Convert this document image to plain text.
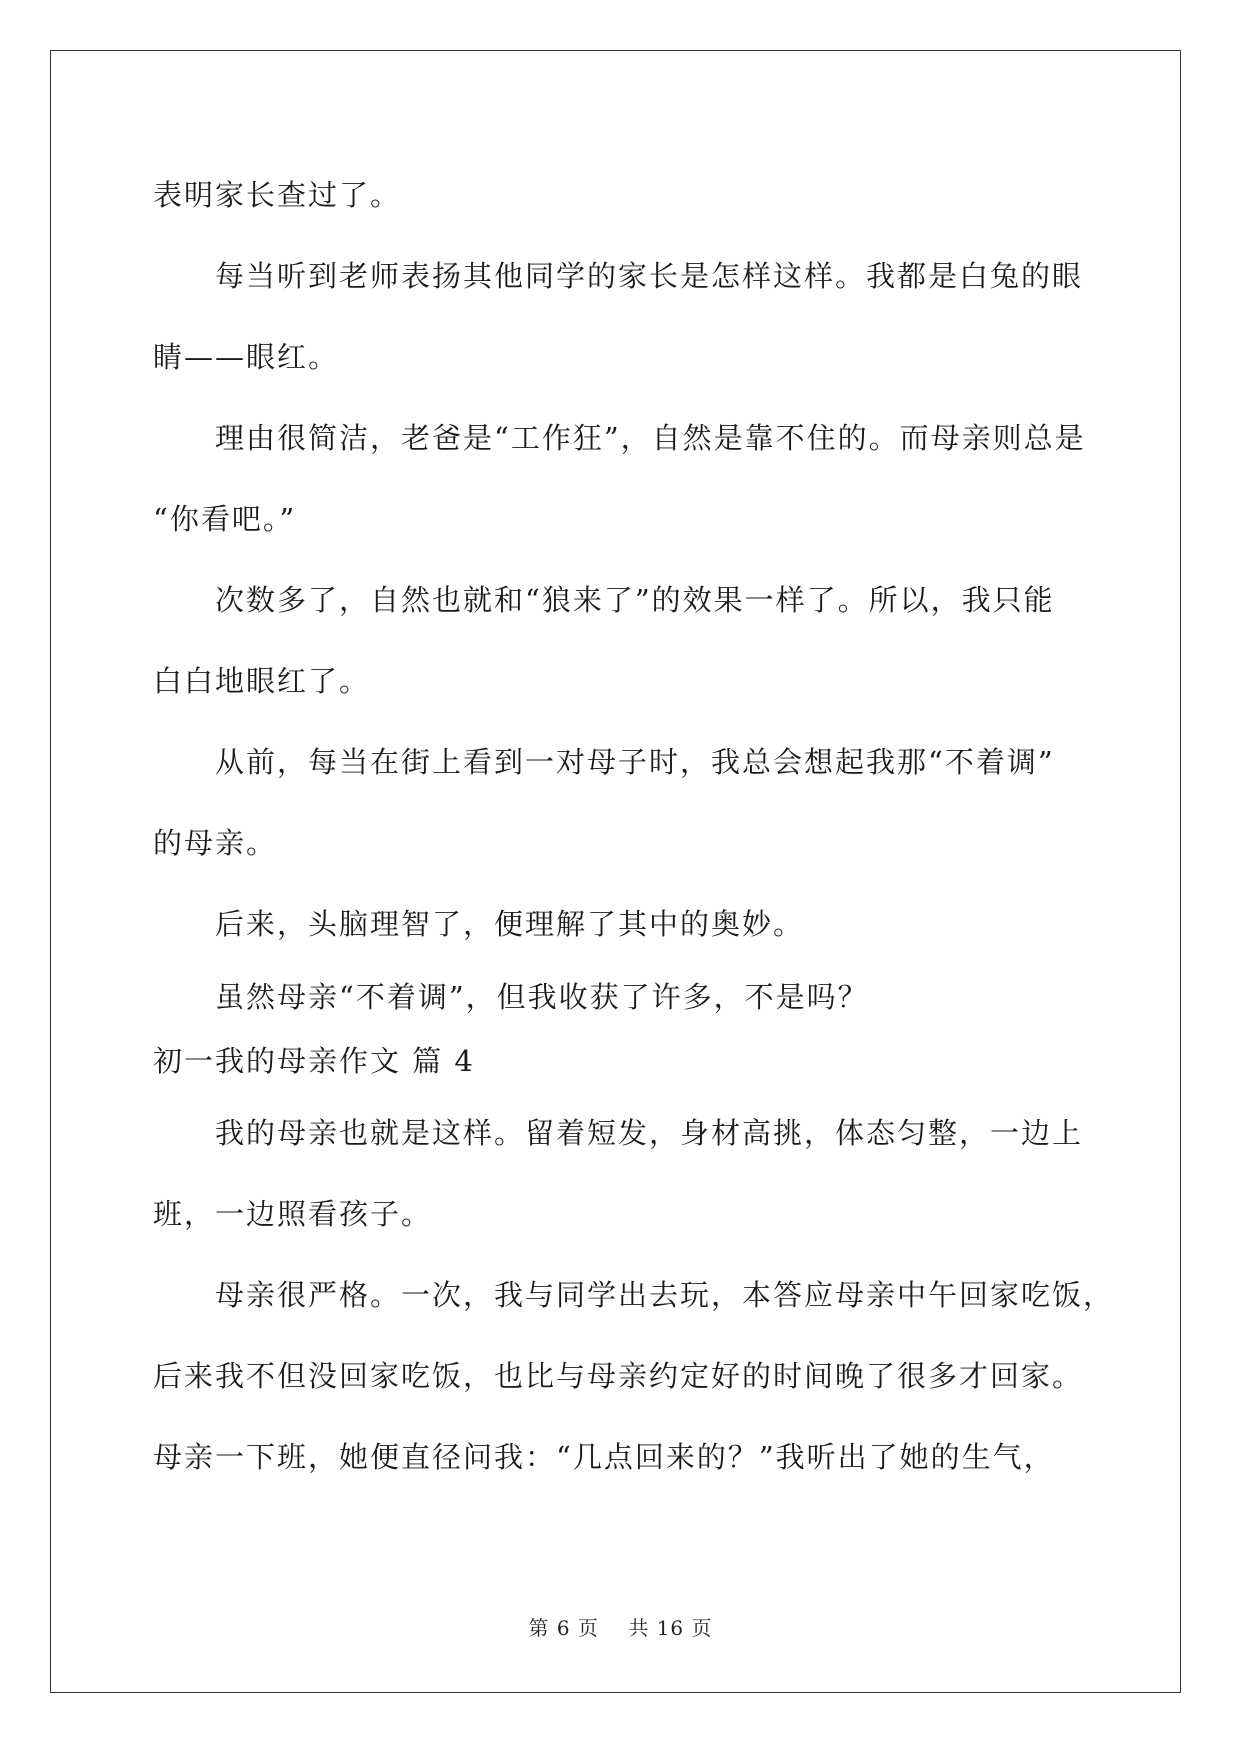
表明家长查过了。
每当听到老师表扬其他同学的家长是怎样这样。我都是白兔的眼
睛——眼红。
理由很简洁，老爸是“工作狂”，自然是靠不住的。而母亲则总是
“你看吧。”
次数多了，自然也就和“狼来了”的效果一样了。所以，我只能
白白地眼红了。
从前，每当在街上看到一对母子时，我总会想起我那“不着调”
的母亲。
后来，头脑理智了，便理解了其中的奥妙。
虽然母亲“不着调”，但我收获了许多，不是吗？
初一我的母亲作文 篇 4
我的母亲也就是这样。留着短发，身材高挑，体态匀整，一边上
班，一边照看孩子。
母亲很严格。一次，我与同学出去玩，本答应母亲中午回家吃饭，
后来我不但没回家吃饭，也比与母亲约定好的时间晚了很多才回家。
母亲一下班，她便直径问我：“几点回来的？”我听出了她的生气，
第 6 页    共 16 页
